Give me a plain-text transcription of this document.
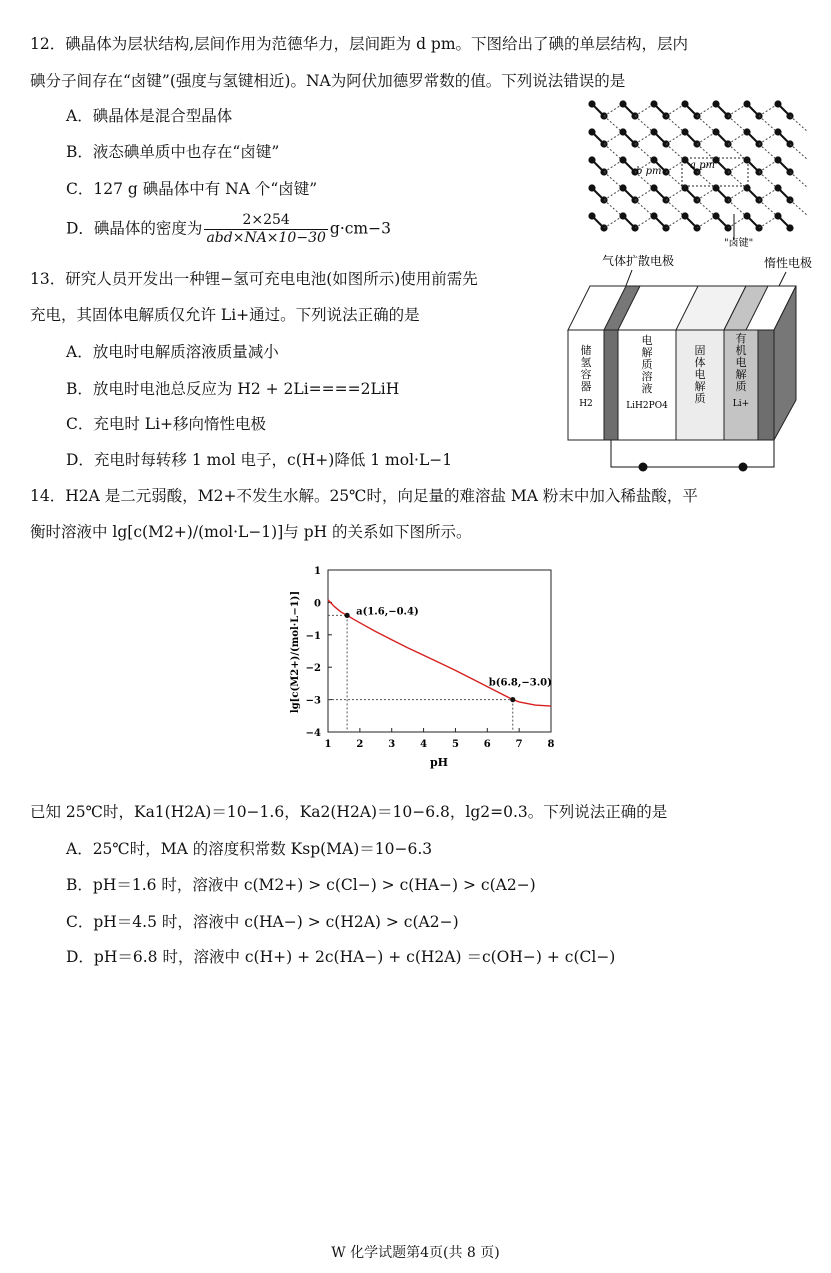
12．碘晶体为层状结构,层间作用为范德华力，层间距为 d pm。下图给出了碘的单层结构，层内
碘分子间存在“卤键”(强度与氢键相近)。NA为阿伏加德罗常数的值。下列说法错误的是
A．碘晶体是混合型晶体
B．液态碘单质中也存在“卤键”
C．127 g 碘晶体中有 NA 个“卤键”
D．碘晶体的密度为 $\frac{2\times 254}{\text{abd×NA×10−30}} g\cdot cm-3$
b pm
a pm
"卤键"
13．研究人员开发出一种锂−氢可充电电池(如图所示)使用前需先
充电，其固体电解质仅允许 Li+通过。下列说法正确的是
A．放电时电解质溶液质量减小
B．放电时电池总反应为 H2 + 2Li====2LiH
C．充电时 Li+移向惰性电极
D．充电时每转移 1 mol 电子，c(H+)降低 1 mol·L−1
气体扩散电极	惰性电极
储
氢
容
器
H2
电
解
质
溶
液
LiH2PO4
固
体
电
解
质
有
机
电
解
质
Li+
14．H2A 是二元弱酸，M2+不发生水解。25℃时，向足量的难溶盐 MA 粉末中加入稀盐酸，平
衡时溶液中 lg[c(M2+)/(mol·L−1)]与 pH 的关系如下图所示。
1 2 3 4 5 6 7 8
1
0
−1
−2
−3
−4
a(1.6,−0.4)
b(6.8,−3.0)
pH
lg[c(M2+)/(mol·L−1)]
已知 25℃时，Ka1(H2A)＝10−1.6，Ka2(H2A)＝10−6.8，lg2=0.3。下列说法正确的是
A．25℃时，MA 的溶度积常数 Ksp(MA)＝10−6.3
B．pH＝1.6 时，溶液中 c(M2+) > c(Cl−) > c(HA−) > c(A2−)
C．pH＝4.5 时，溶液中 c(HA−) > c(H2A) > c(A2−)
D．pH＝6.8 时，溶液中 c(H+) + 2c(HA−) + c(H2A) ＝c(OH−) + c(Cl−)
W 化学试题第4页(共 8 页)
